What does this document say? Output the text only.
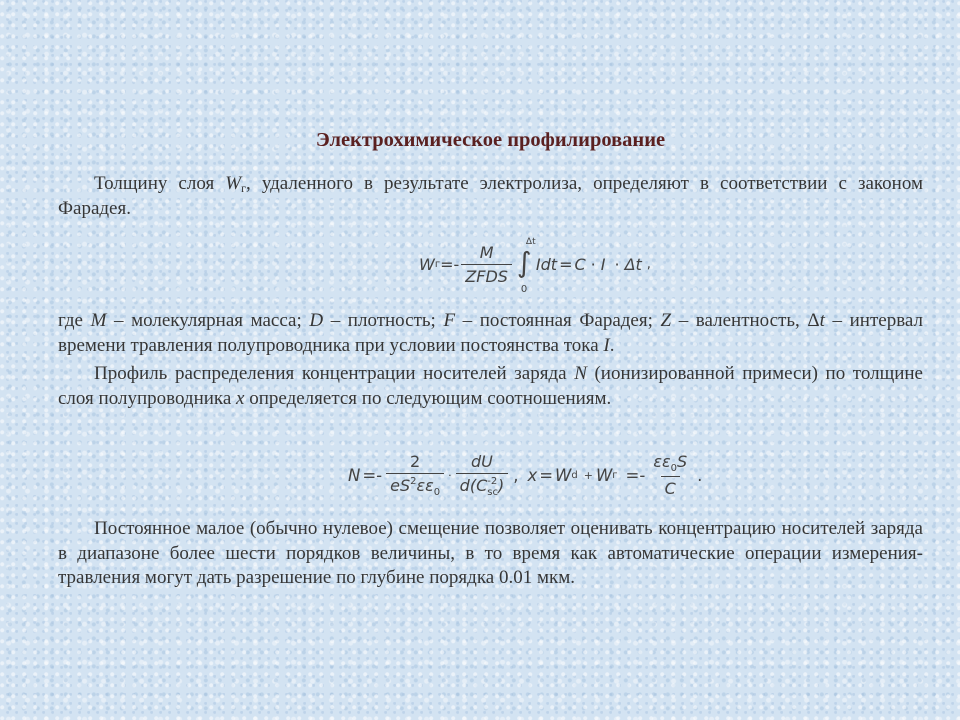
Электрохимическое профилирование

Толщину слоя $W_г$, удаленного в результате электролиза, определяют в соответствии с законом Фарадея.

W $г =- \frac{M}{\text{ZFDS}}$
Δt
∫
0
Idt = C · I · Δt ,

где M – молекулярная масса; D – плотность; F – постоянная Фарадея; Z – валентность, Δt – интервал времени травления полупроводника при условии постоянства тока I.

Профиль распределения концентрации носителей заряда N (ионизированной примеси) по толщине слоя полупроводника x определяется по следующим соотношениям.

$N =- \frac{2}{eS^2\varepsilon\varepsilon_0} \cdot \frac{dU}{d(C^{-2}_{sc})}$ , x = W d + W $г =- \frac{\varepsilon\varepsilon_0S}{C}$ .

Постоянное малое (обычно нулевое) смещение позволяет оценивать концентрацию носителей заряда в диапазоне более шести порядков величины, в то время как автоматические операции измерения-травления могут дать разрешение по глубине порядка 0.01 мкм.
